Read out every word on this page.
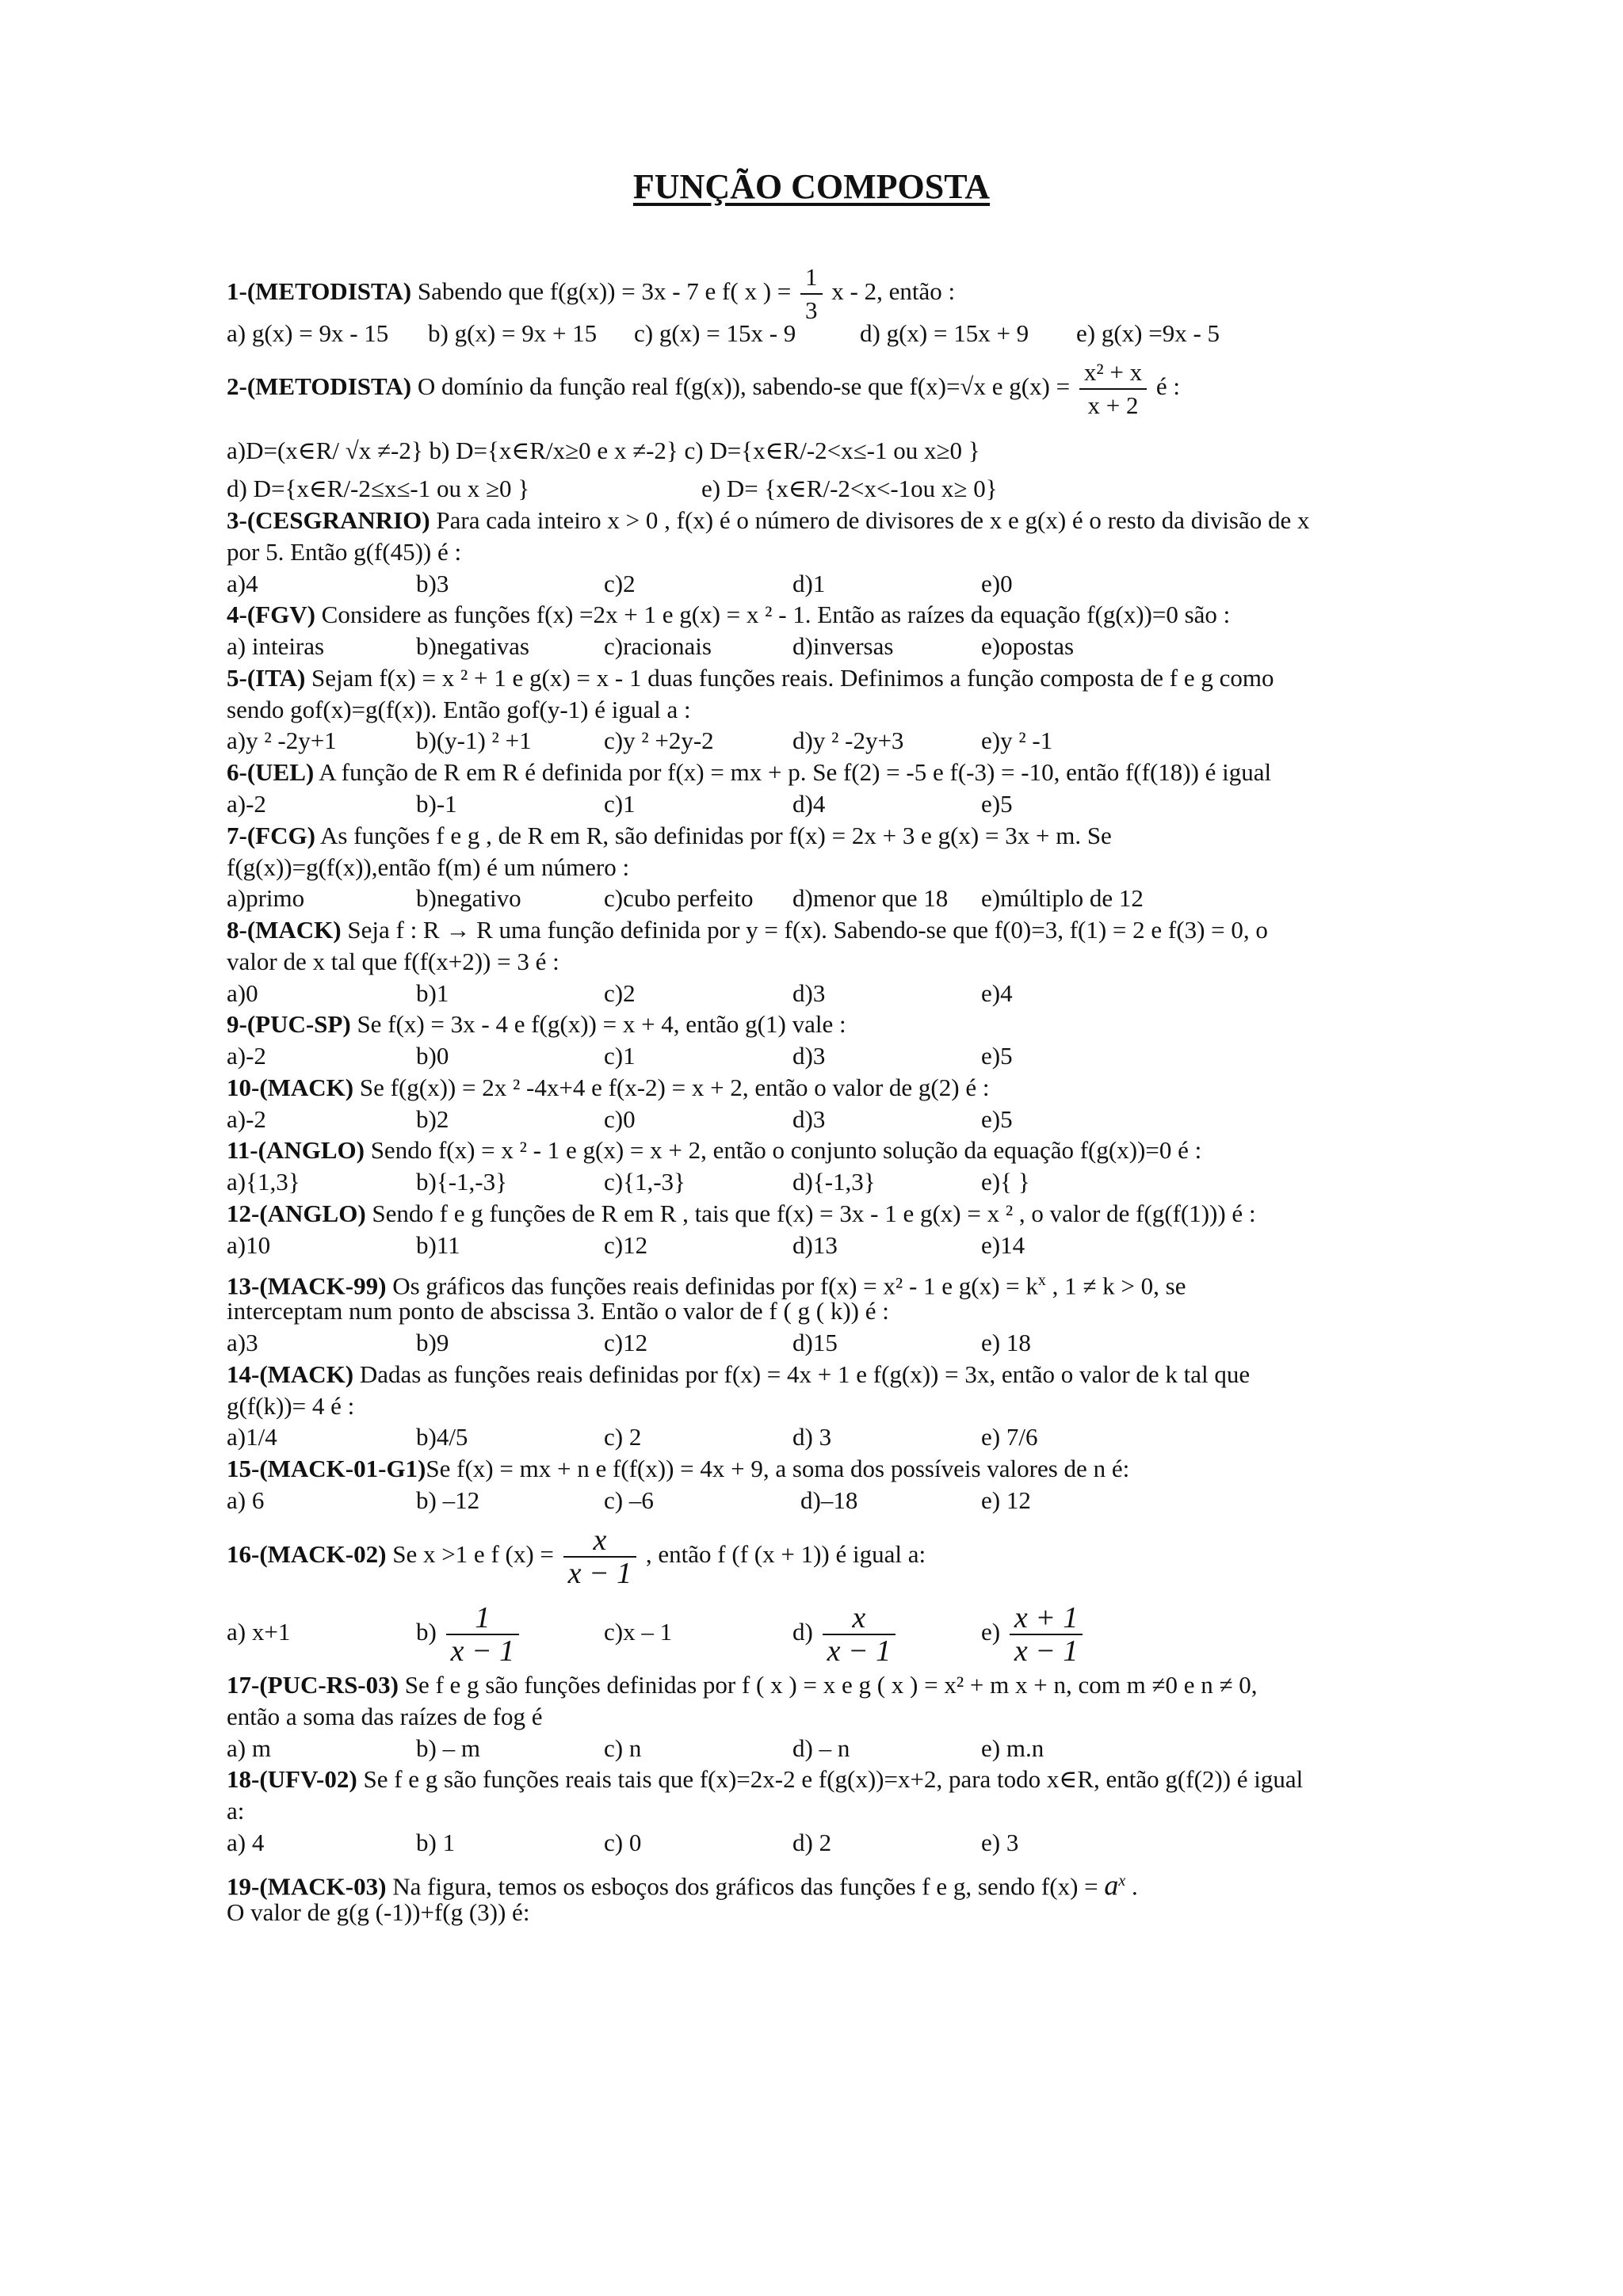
FUNÇÃO COMPOSTA
1-(METODISTA) Sabendo que f(g(x)) = 3x - 7 e f( x ) = $\frac{1}{3}$ x - 2, então :
a) g(x) = 9x - 15 b) g(x) = 9x + 15 c) g(x) = 15x - 9	d) g(x) = 15x + 9 e) g(x) =9x - 5
2-(METODISTA) O domínio da função real f(g(x)), sabendo-se que f(x)=√x e $g(x) = \frac{\text{x² + x}}{x + 2}$ é :
a)D=(x∈R/ √x ≠-2} b) D={x∈R/x≥0 e x ≠-2} c) D={x∈R/-2<x≤-1 ou x≥0 }
d) D={x∈R/-2≤x≤-1 ou x ≥0 }	e) D= {x∈R/-2<x<-1ou x≥ 0}
3-(CESGRANRIO) Para cada inteiro x > 0 , f(x) é o número de divisores de x e g(x) é o resto da divisão de x
por 5. Então g(f(45)) é :
a)4	b)3	c)2	d)1	e)0
4-(FGV) Considere as funções f(x) =2x + 1 e g(x) = x ² - 1. Então as raízes da equação f(g(x))=0 são :
a) inteiras	b)negativas	c)racionais	d)inversas	e)opostas
5-(ITA) Sejam f(x) = x ² + 1 e g(x) = x - 1 duas funções reais. Definimos a função composta de f e g como
sendo gof(x)=g(f(x)). Então gof(y-1) é igual a :
a)y ² -2y+1	b)(y-1) ² +1	c)y ² +2y-2	d)y ² -2y+3	e)y ² -1
6-(UEL) A função de R em R é definida por f(x) = mx + p. Se f(2) = -5 e f(-3) = -10, então f(f(18)) é igual
a)-2	b)-1	c)1	d)4	e)5
7-(FCG) As funções f e g , de R em R, são definidas por f(x) = 2x + 3 e g(x) = 3x + m. Se
f(g(x))=g(f(x)),então f(m) é um número :
a)primo	b)negativo	c)cubo perfeito d)menor que 18 e)múltiplo de 12
8-(MACK) Seja f : R → R uma função definida por y = f(x). Sabendo-se que f(0)=3, f(1) = 2 e f(3) = 0, o
valor de x tal que f(f(x+2)) = 3 é :
a)0	b)1	c)2	d)3	e)4
9-(PUC-SP) Se f(x) = 3x - 4 e f(g(x)) = x + 4, então g(1) vale :
a)-2	b)0	c)1	d)3	e)5
10-(MACK) Se f(g(x)) = 2x ² -4x+4 e f(x-2) = x + 2, então o valor de g(2) é :
a)-2	b)2	c)0	d)3	e)5
11-(ANGLO) Sendo f(x) = x ² - 1 e g(x) = x + 2, então o conjunto solução da equação f(g(x))=0 é :
a){1,3}	b){-1,-3}	c){1,-3}	d){-1,3}	e){ }
12-(ANGLO) Sendo f e g funções de R em R , tais que f(x) = 3x - 1 e g(x) = x ² , o valor de f(g(f(1))) é :
a)10	b)11	c)12	d)13	e)14
13-(MACK-99) Os gráficos das funções reais definidas por f(x) = x² - 1 e $g(x) = k^x$ , 1 ≠ k > 0, se
interceptam num ponto de abscissa 3. Então o valor de f ( g ( k)) é :
a)3	b)9	c)12	d)15	e) 18
14-(MACK) Dadas as funções reais definidas por f(x) = 4x + 1 e f(g(x)) = 3x, então o valor de k tal que
g(f(k))= 4 é :
a)1/4	b)4/5	c) 2	d) 3	e) 7/6
15-(MACK-01-G1)Se f(x) = mx + n e f(f(x)) = 4x + 9, a soma dos possíveis valores de n é:
a) 6	b) –12	c) –6	d)–18	e) 12
16-(MACK-02) Se x >1 e f $(x) = \frac{x}{x - 1}$ , então f (f (x + 1)) é igual a:
a) x+1	$b) \frac{1}{x - 1}$	c)x – 1	$d) \frac{x}{x - 1}$	$e) \frac{x + 1}{x - 1}$
17-(PUC-RS-03) Se f e g são funções definidas por f ( x ) = x e g ( x ) = x² + m x + n, com m ≠0 e n ≠ 0,
então a soma das raízes de fog é
a) m	b) – m	c) n	d) – n	e) m.n
18-(UFV-02) Se f e g são funções reais tais que f(x)=2x-2 e f(g(x))=x+2, para todo x∈R, então g(f(2)) é igual
a:
a) 4	b) 1	c) 0	d) 2	e) 3
19-(MACK-03) Na figura, temos os esboços dos gráficos das funções f e g, sendo $f(x) = a^x$ .
O valor de g(g (-1))+f(g (3)) é:
